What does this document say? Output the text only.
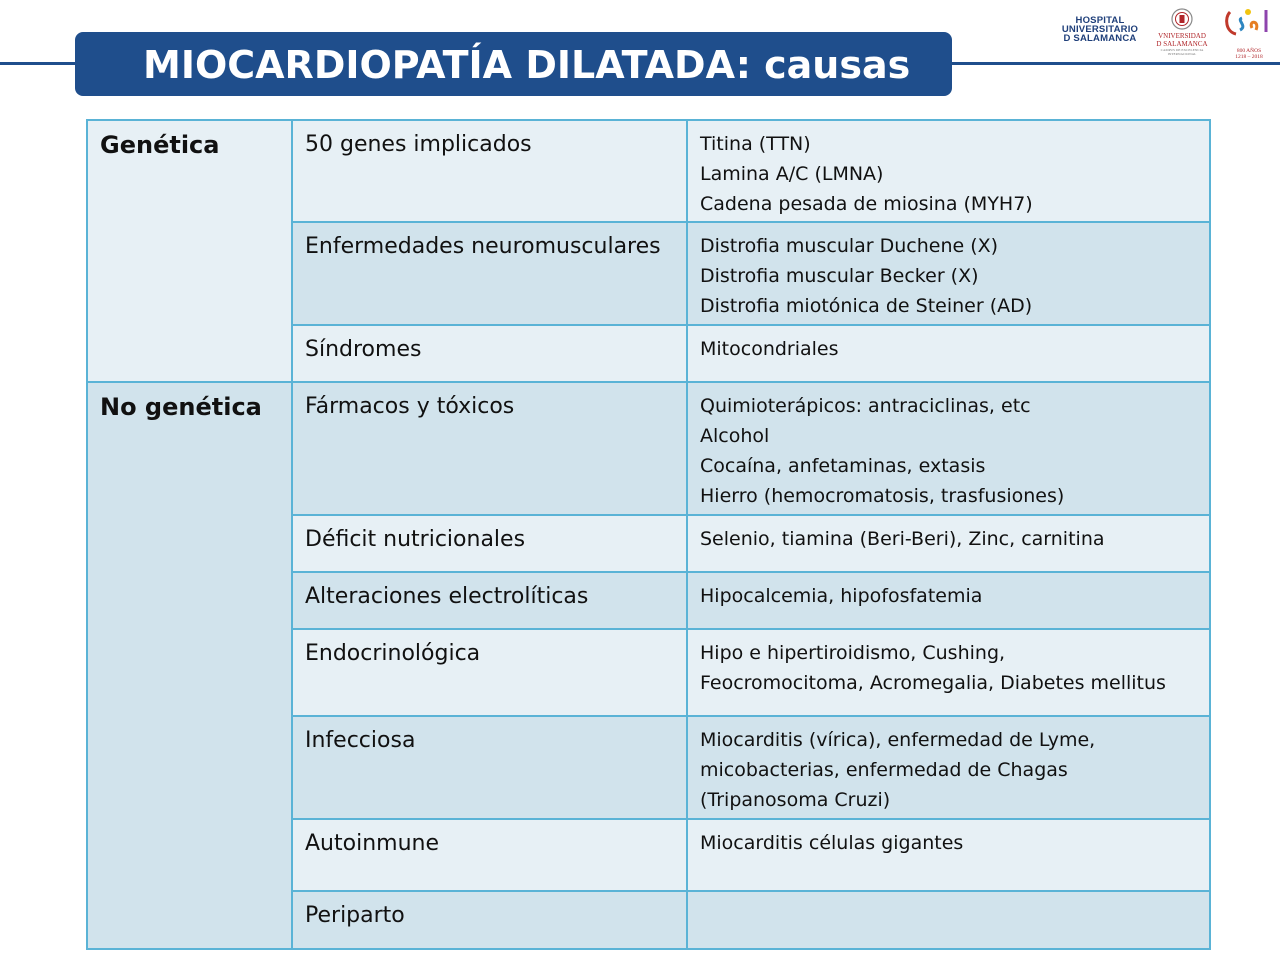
MIOCARDIOPATÍA DILATADA: causas
HOSPITAL
UNIVERSITARIO
D SALAMANCA	VNIVERSIDAD
D SALAMANCA
CAMPUS DE EXCELENCIA INTERNACIONAL	800 AÑOS
1218 – 2018
Genética	50 genes implicados	Titina (TTN)
Lamina A/C (LMNA)
Cadena pesada de miosina (MYH7)

	Enfermedades neuromusculares	Distrofia muscular Duchene (X)
Distrofia muscular Becker (X)
Distrofia miotónica de Steiner (AD)

	Síndromes	Mitocondriales

No genética	Fármacos y tóxicos	Quimioterápicos: antraciclinas, etc
Alcohol
Cocaína, anfetaminas, extasis
Hierro (hemocromatosis, trasfusiones)

	Déficit nutricionales	Selenio, tiamina (Beri-Beri), Zinc, carnitina

	Alteraciones electrolíticas	Hipocalcemia, hipofosfatemia

	Endocrinológica	Hipo e hipertiroidismo, Cushing,
Feocromocitoma, Acromegalia, Diabetes mellitus

	Infecciosa	Miocarditis (vírica), enfermedad de Lyme,
micobacterias, enfermedad de Chagas
(Tripanosoma Cruzi)

	Autoinmune	Miocarditis células gigantes

	Periparto	
